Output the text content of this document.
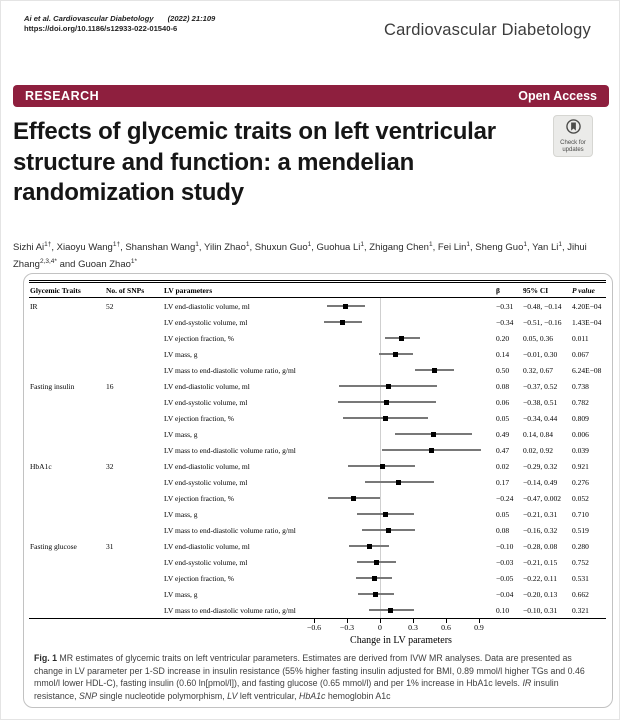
Ai et al. Cardiovascular Diabetology (2022) 21:109
https://doi.org/10.1186/s12933-022-01540-6	Cardiovascular Diabetology
RESEARCH	Open Access
Check for
updates
Effects of glycemic traits on left ventricular structure and function: a mendelian randomization study

Sizhi $Ai^{1\dagger}$, Xiaoyu Wang$^{1\dagger}$, Shanshan Wang$^1$, Yilin Zhao$^1$, Shuxun Guo$^1$, Guohua Li$^1$, Zhigang Chen$^1$, Fei Lin$^1$, Sheng Guo$^1$, Yan Li$^1$, Jihui Zhang$^{2,3,4*}$ and Guoan Zhao$^{1*}$

Glycemic Traits	No. of SNPs	LV parameters	β	95% CI	P value
IR	52	LV end-diastolic volume, ml	−0.31	−0.48, −0.14	4.20E−04
LV end-systolic volume, ml	−0.34	−0.51, −0.16	1.43E−04
LV ejection fraction, %	0.20	0.05, 0.36	0.011
LV mass, g	0.14	−0.01, 0.30	0.067
LV mass to end-diastolic volume ratio, g/ml	0.50	0.32, 0.67	6.24E−08
Fasting insulin	16	LV end-diastolic volume, ml	0.08	−0.37, 0.52	0.738
LV end-systolic volume, ml	0.06	−0.38, 0.51	0.782
LV ejection fraction, %	0.05	−0.34, 0.44	0.809
LV mass, g	0.49	0.14, 0.84	0.006
LV mass to end-diastolic volume ratio, g/ml	0.47	0.02, 0.92	0.039
HbA1c	32	LV end-diastolic volume, ml	0.02	−0.29, 0.32	0.921
LV end-systolic volume, ml	0.17	−0.14, 0.49	0.276
LV ejection fraction, %	−0.24	−0.47, 0.002	0.052
LV mass, g	0.05	−0.21, 0.31	0.710
LV mass to end-diastolic volume ratio, g/ml	0.08	−0.16, 0.32	0.519
Fasting glucose	31	LV end-diastolic volume, ml	−0.10	−0.28, 0.08	0.280
LV end-systolic volume, ml	−0.03	−0.21, 0.15	0.752
LV ejection fraction, %	−0.05	−0.22, 0.11	0.531
LV mass, g	−0.04	−0.20, 0.13	0.662
LV mass to end-diastolic volume ratio, g/ml	0.10	−0.10, 0.31	0.321
−0.6	−0.3	0	0.3	0.6	0.9
Change in LV parameters
Fig. 1 MR estimates of glycemic traits on left ventricular parameters. Estimates are derived from IVW MR analyses. Data are presented as change in LV parameter per 1-SD increase in insulin resistance (55% higher fasting insulin adjusted for BMI, 0.89 mmol/l higher TGs and 0.46 mmol/l lower HDL-C), fasting insulin (0.60 ln[pmol/l]), and fasting glucose (0.65 mmol/l) and per 1% increase in HbA1c levels. IR insulin resistance, SNP single nucleotide polymorphism, LV left ventricular, HbA1c hemoglobin A1c
